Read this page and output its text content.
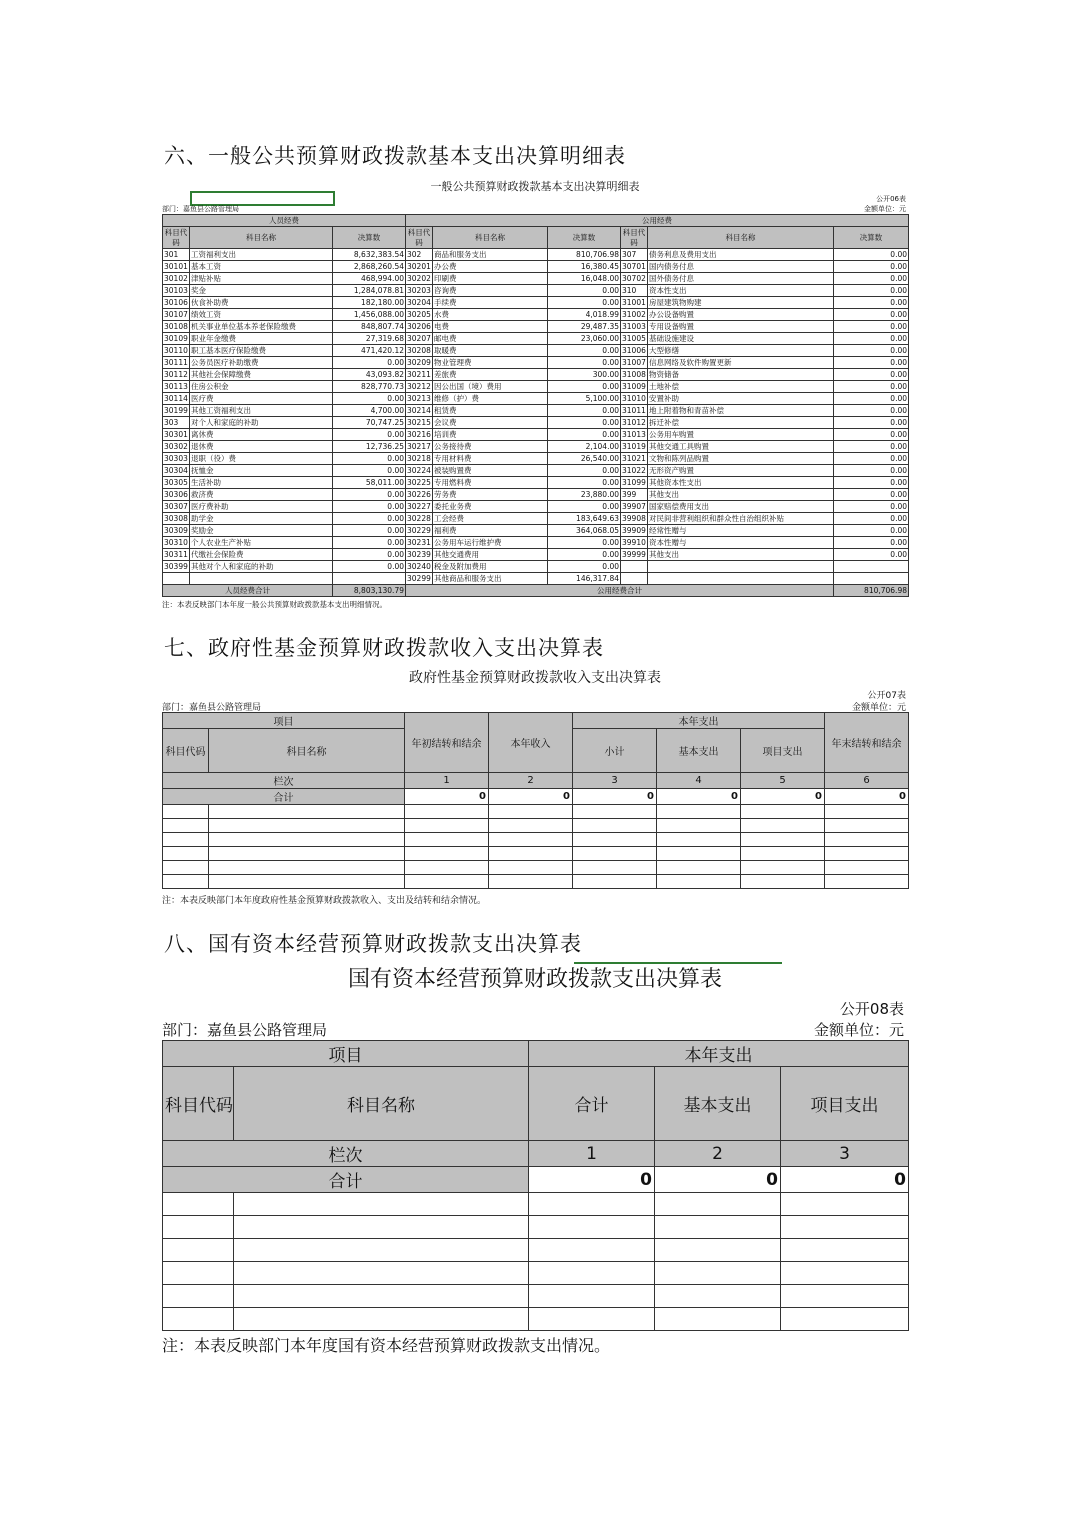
六、一般公共预算财政拨款基本支出决算明细表
七、政府性基金预算财政拨款收入支出决算表
八、国有资本经营预算财政拨款支出决算表
一般公共预算财政拨款基本支出决算明细表
公开06表
部门：嘉鱼县公路管理局	金额单位：元
人员经费			公用经费					
科目代码	科目名称	决算数	科目代码	科目名称	决算数	科目代码	科目名称	决算数
301	工资福利支出	8,632,383.54	302	商品和服务支出	810,706.98	307	债务利息及费用支出	0.00
30101	基本工资	2,868,260.54	30201	办公费	16,380.45	30701	国内债务付息	0.00
30102	津贴补贴	468,994.00	30202	印刷费	16,048.00	30702	国外债务付息	0.00
30103	奖金	1,284,078.81	30203	咨询费	0.00	310	资本性支出	0.00
30106	伙食补助费	182,180.00	30204	手续费	0.00	31001	房屋建筑物购建	0.00
30107	绩效工资	1,456,088.00	30205	水费	4,018.99	31002	办公设备购置	0.00
30108	机关事业单位基本养老保险缴费	848,807.74	30206	电费	29,487.35	31003	专用设备购置	0.00
30109	职业年金缴费	27,319.68	30207	邮电费	23,060.00	31005	基础设施建设	0.00
30110	职工基本医疗保险缴费	471,420.12	30208	取暖费	0.00	31006	大型修缮	0.00
30111	公务员医疗补助缴费	0.00	30209	物业管理费	0.00	31007	信息网络及软件购置更新	0.00
30112	其他社会保障缴费	43,093.82	30211	差旅费	300.00	31008	物资储备	0.00
30113	住房公积金	828,770.73	30212	因公出国（境）费用	0.00	31009	土地补偿	0.00
30114	医疗费	0.00	30213	维修（护）费	5,100.00	31010	安置补助	0.00
30199	其他工资福利支出	4,700.00	30214	租赁费	0.00	31011	地上附着物和青苗补偿	0.00
303	对个人和家庭的补助	70,747.25	30215	会议费	0.00	31012	拆迁补偿	0.00
30301	离休费	0.00	30216	培训费	0.00	31013	公务用车购置	0.00
30302	退休费	12,736.25	30217	公务接待费	2,104.00	31019	其他交通工具购置	0.00
30303	退职（役）费	0.00	30218	专用材料费	26,540.00	31021	文物和陈列品购置	0.00
30304	抚恤金	0.00	30224	被装购置费	0.00	31022	无形资产购置	0.00
30305	生活补助	58,011.00	30225	专用燃料费	0.00	31099	其他资本性支出	0.00
30306	救济费	0.00	30226	劳务费	23,880.00	399	其他支出	0.00
30307	医疗费补助	0.00	30227	委托业务费	0.00	39907	国家赔偿费用支出	0.00
30308	助学金	0.00	30228	工会经费	183,649.63	39908	对民间非营利组织和群众性自治组织补贴	0.00
30309	奖励金	0.00	30229	福利费	364,068.05	39909	经常性赠与	0.00
30310	个人农业生产补贴	0.00	30231	公务用车运行维护费	0.00	39910	资本性赠与	0.00
30311	代缴社会保险费	0.00	30239	其他交通费用	0.00	39999	其他支出	0.00
30399	其他对个人和家庭的补助	0.00	30240	税金及附加费用	0.00			
			30299	其他商品和服务支出	146,317.84			
人员经费合计		8,803,130.79	公用经费合计					810,706.98
注：本表反映部门本年度一般公共预算财政拨款基本支出明细情况。
政府性基金预算财政拨款收入支出决算表
公开07表
部门：嘉鱼县公路管理局	金额单位：元
项目		年初结转和结余	本年收入	本年支出			年末结转和结余
科目代码	科目名称			小计	基本支出	项目支出	
栏次		1	2	3	4	5	6
合计		0	0	0	0	0	0

注：本表反映部门本年度政府性基金预算财政拨款收入、支出及结转和结余情况。
国有资本经营预算财政拨款支出决算表
公开08表
部门：嘉鱼县公路管理局	金额单位：元
项目		本年支出		
科目代码	科目名称	合计	基本支出	项目支出
栏次		1	2	3
合计		0	0	0

注：本表反映部门本年度国有资本经营预算财政拨款支出情况。
